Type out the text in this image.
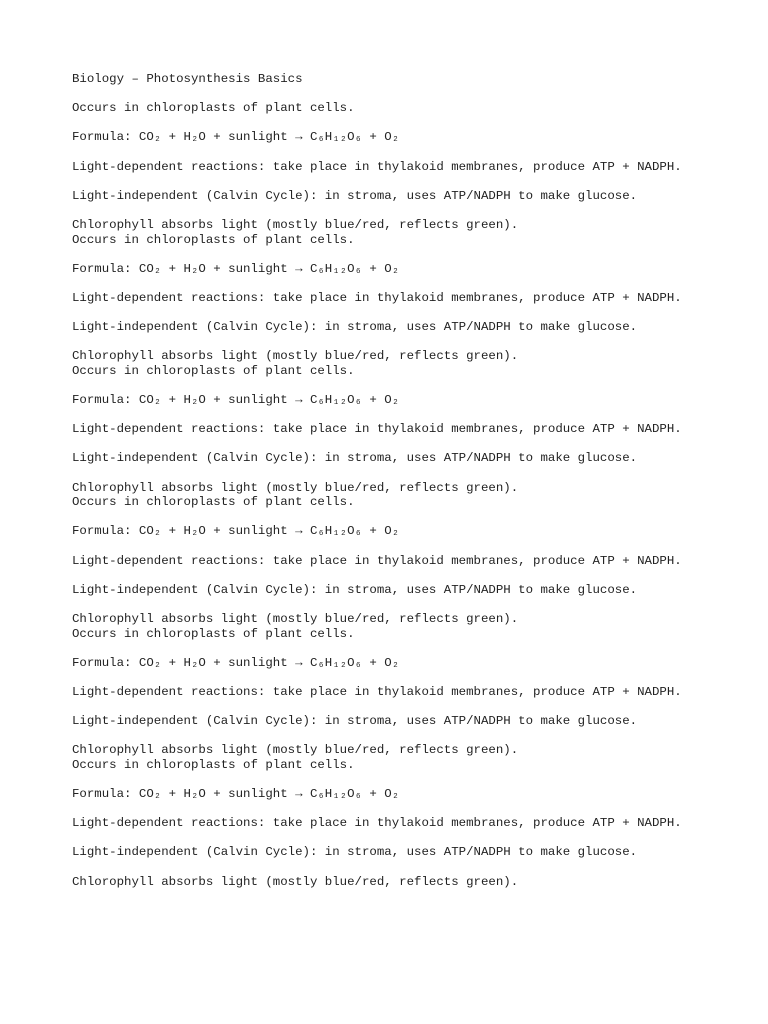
Biology – Photosynthesis Basics
Occurs in chloroplasts of plant cells.
Formula: CO₂ + H₂O + sunlight → C₆H₁₂O₆ + O₂
Light-dependent reactions: take place in thylakoid membranes, produce ATP + NADPH.
Light-independent (Calvin Cycle): in stroma, uses ATP/NADPH to make glucose.
Chlorophyll absorbs light (mostly blue/red, reflects green).
Occurs in chloroplasts of plant cells.
Formula: CO₂ + H₂O + sunlight → C₆H₁₂O₆ + O₂
Light-dependent reactions: take place in thylakoid membranes, produce ATP + NADPH.
Light-independent (Calvin Cycle): in stroma, uses ATP/NADPH to make glucose.
Chlorophyll absorbs light (mostly blue/red, reflects green).
Occurs in chloroplasts of plant cells.
Formula: CO₂ + H₂O + sunlight → C₆H₁₂O₆ + O₂
Light-dependent reactions: take place in thylakoid membranes, produce ATP + NADPH.
Light-independent (Calvin Cycle): in stroma, uses ATP/NADPH to make glucose.
Chlorophyll absorbs light (mostly blue/red, reflects green).
Occurs in chloroplasts of plant cells.
Formula: CO₂ + H₂O + sunlight → C₆H₁₂O₆ + O₂
Light-dependent reactions: take place in thylakoid membranes, produce ATP + NADPH.
Light-independent (Calvin Cycle): in stroma, uses ATP/NADPH to make glucose.
Chlorophyll absorbs light (mostly blue/red, reflects green).
Occurs in chloroplasts of plant cells.
Formula: CO₂ + H₂O + sunlight → C₆H₁₂O₆ + O₂
Light-dependent reactions: take place in thylakoid membranes, produce ATP + NADPH.
Light-independent (Calvin Cycle): in stroma, uses ATP/NADPH to make glucose.
Chlorophyll absorbs light (mostly blue/red, reflects green).
Occurs in chloroplasts of plant cells.
Formula: CO₂ + H₂O + sunlight → C₆H₁₂O₆ + O₂
Light-dependent reactions: take place in thylakoid membranes, produce ATP + NADPH.
Light-independent (Calvin Cycle): in stroma, uses ATP/NADPH to make glucose.
Chlorophyll absorbs light (mostly blue/red, reflects green).
